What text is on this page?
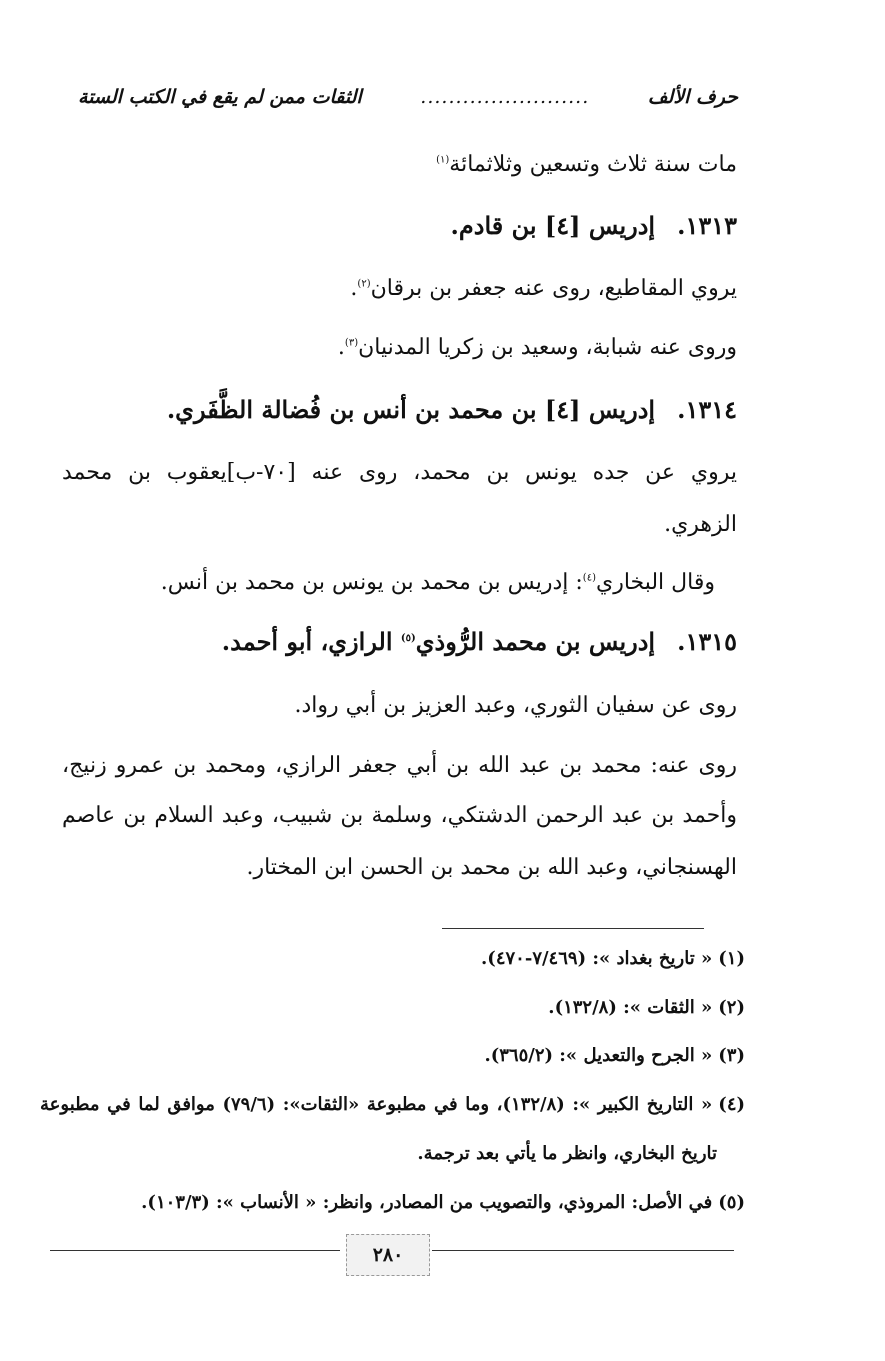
حرف الألف
........................
الثقات ممن لم يقع في الكتب الستة
مات سنة ثلاث وتسعين وثلاثمائة$^{(١)}$
١٣١٣.إدريس [٤] بن قادم.
يروي المقاطيع، روى عنه جعفر بن برقان$^{(٢)}$.
وروى عنه شبابة، وسعيد بن زكريا المدنيان$^{(٣)}$.
١٣١٤.إدريس [٤] بن محمد بن أنس بن فُضالة الظَّفَري.
يروي عن جده يونس بن محمد، روى عنه [٧٠-ب]يعقوب بن محمد
الزهري.
وقال البخاري$^{(٤)}$: إدريس بن محمد بن يونس بن محمد بن أنس.
١٣١٥.إدريس بن محمد الرُّوذي$^{(٥)}$ الرازي، أبو أحمد.
روى عن سفيان الثوري، وعبد العزيز بن أبي رواد.
روى عنه: محمد بن عبد الله بن أبي جعفر الرازي، ومحمد بن عمرو زنيج،
وأحمد بن عبد الرحمن الدشتكي، وسلمة بن شبيب، وعبد السلام بن عاصم
الهسنجاني، وعبد الله بن محمد بن الحسن ابن المختار.
(١)« تاريخ بغداد »: (٧/٤٦٩-٤٧٠).
(٢)« الثقات »: (١٣٢/٨).
(٣)« الجرح والتعديل »: (٣٦٥/٢).
(٤)« التاريخ الكبير »: (١٣٢/٨)، وما في مطبوعة «الثقات»: (٧٩/٦) موافق لما في مطبوعة
تاريخ البخاري، وانظر ما يأتي بعد ترجمة.
(٥)في الأصل: المروذي، والتصويب من المصادر، وانظر: « الأنساب »: (١٠٣/٣).
٢٨٠
